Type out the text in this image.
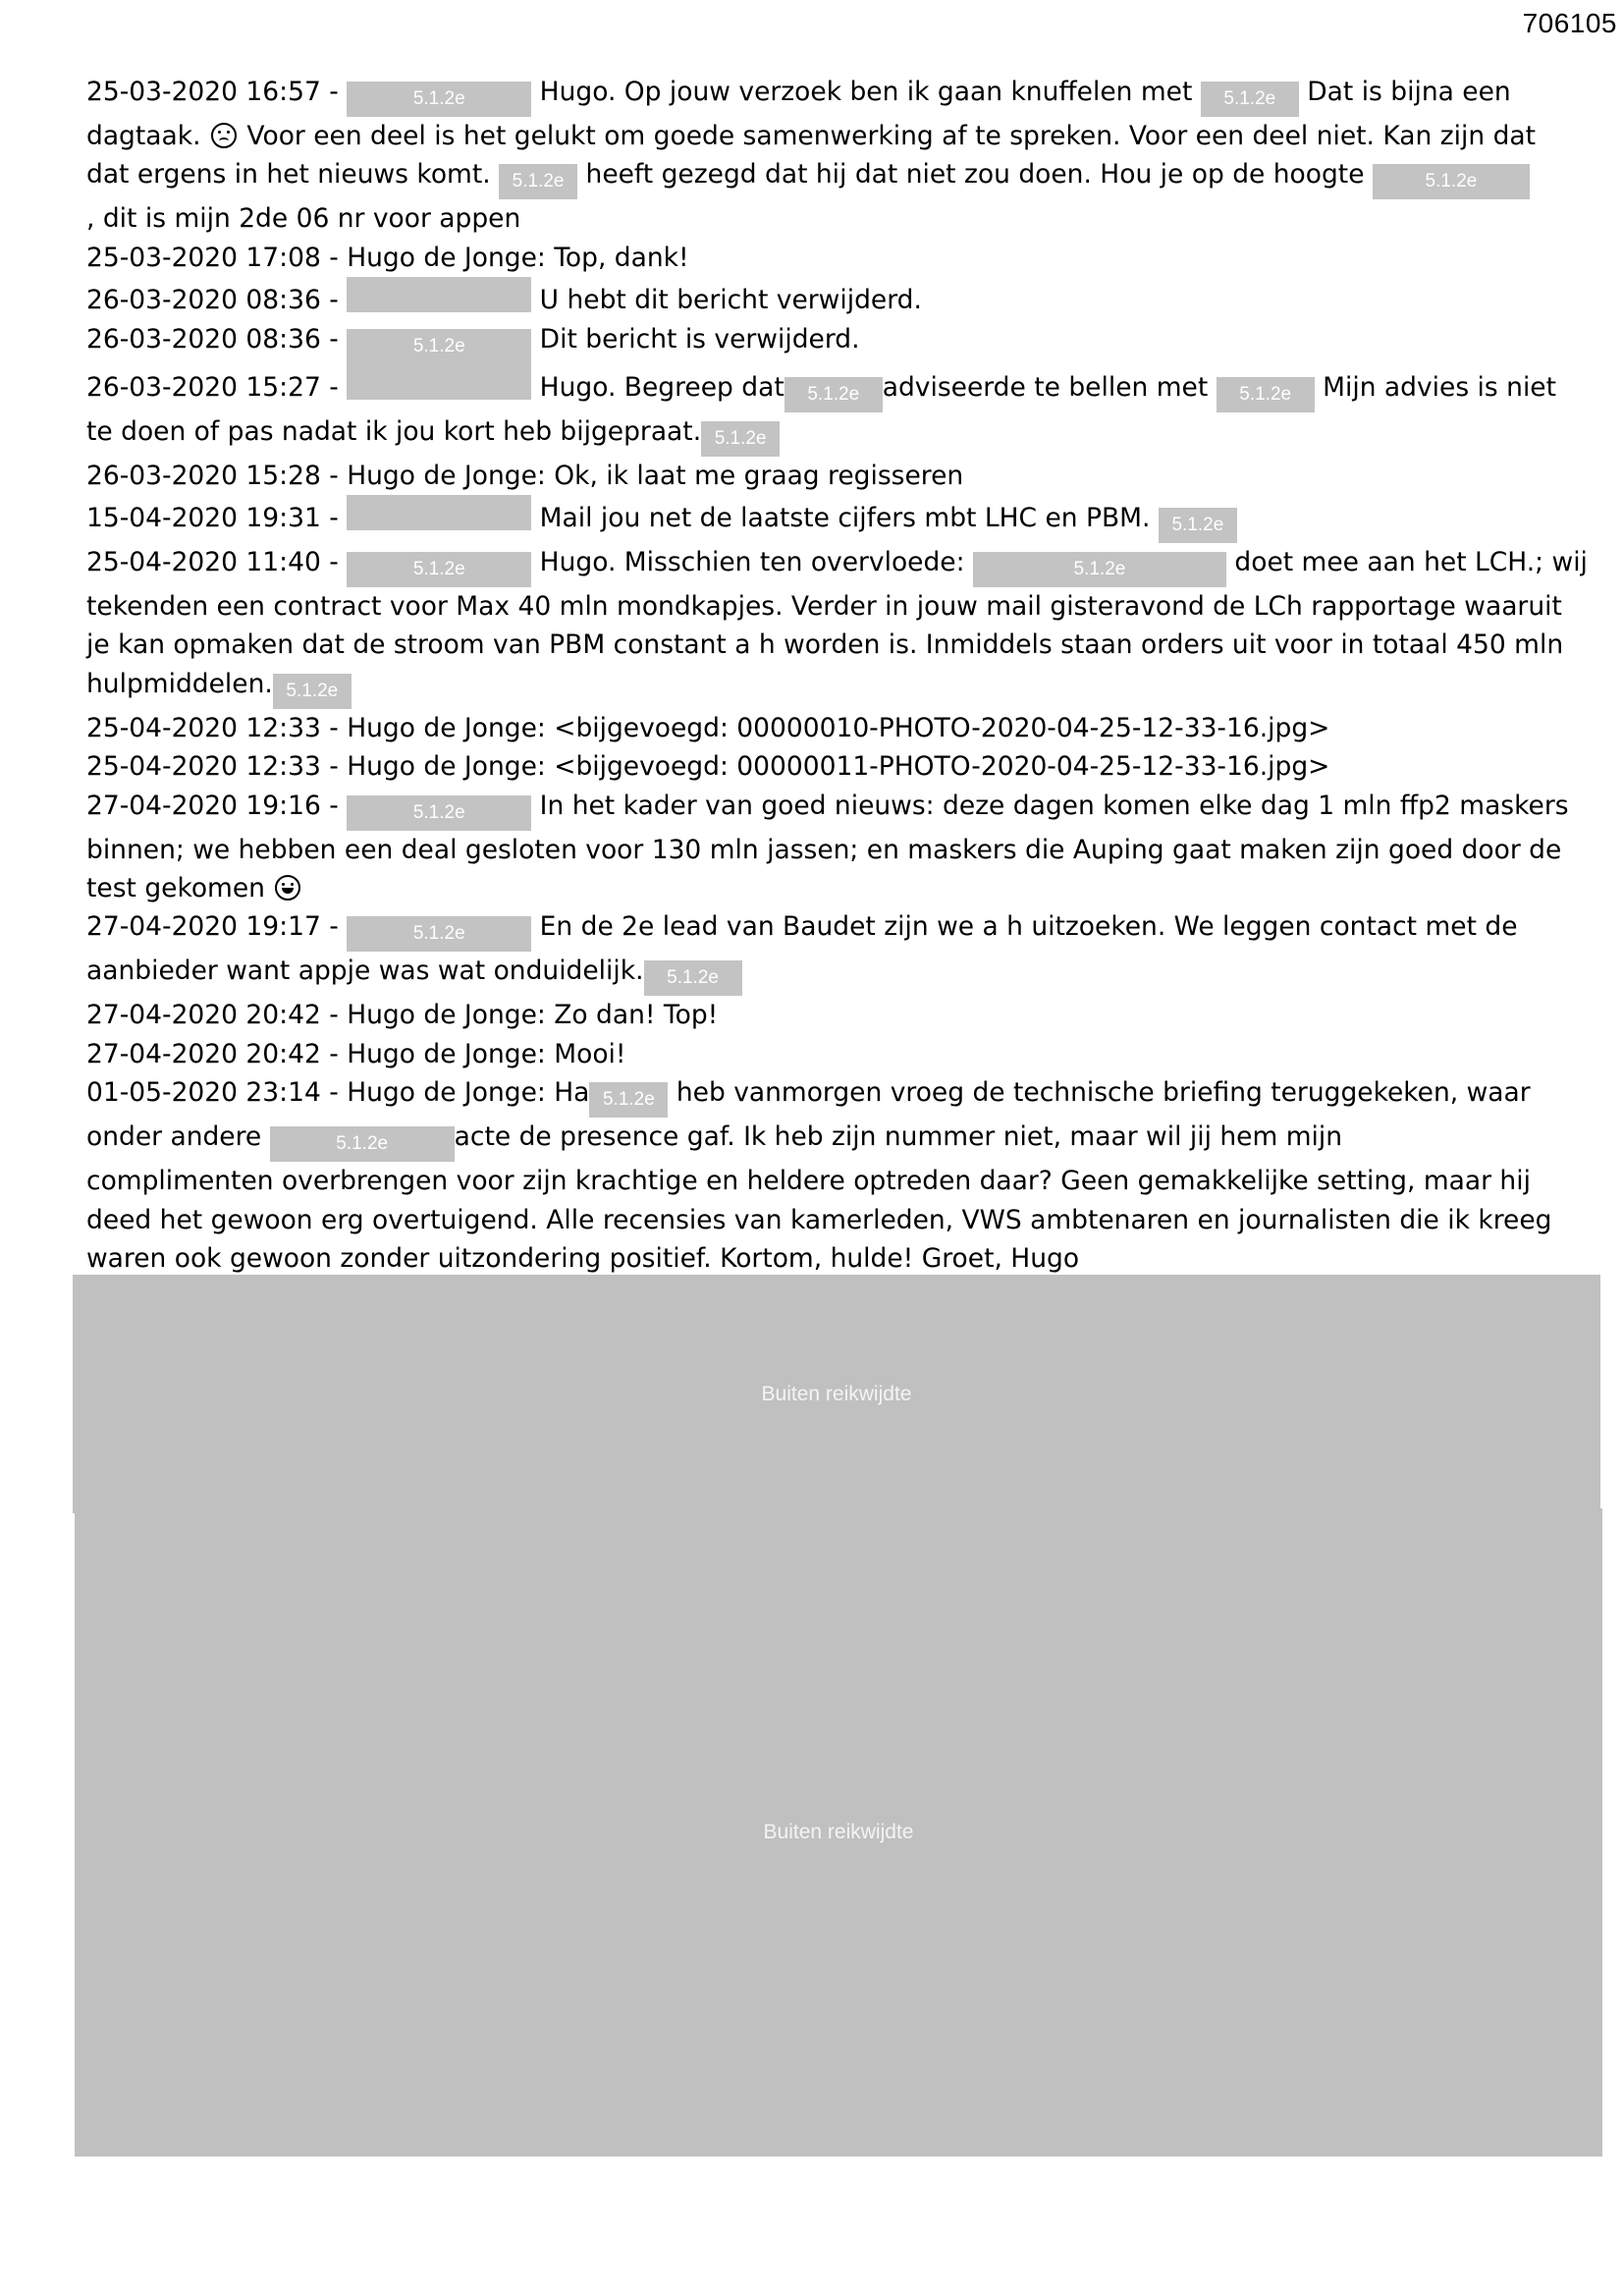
706105
25-03-2020 16:57 -	5.1.2e	Hugo. Op jouw verzoek ben ik gaan knuffelen met 5.1.2e Dat is bijna een
dagtaak. Voor een deel is het gelukt om goede samenwerking af te spreken. Voor een deel niet. Kan zijn dat
dat ergens in het nieuws komt. 5.1.2e heeft gezegd dat hij dat niet zou doen. Hou je op de hoogte	5.1.2e
, dit is mijn 2de 06 nr voor appen
25-03-2020 17:08 - Hugo de Jonge: Top, dank!
26-03-2020 08:36 -	U hebt dit bericht verwijderd.
26-03-2020 08:36 -	5.1.2e	Dit bericht is verwijderd.
26-03-2020 15:27 -	Hugo. Begreep dat 5.1.2e adviseerde te bellen met 5.1.2e Mijn advies is niet
te doen of pas nadat ik jou kort heb bijgepraat. 5.1.2e
26-03-2020 15:28 - Hugo de Jonge: Ok, ik laat me graag regisseren
15-04-2020 19:31 -	Mail jou net de laatste cijfers mbt LHC en PBM. 5.1.2e
25-04-2020 11:40 -	5.1.2e	Hugo. Misschien ten overvloede:	5.1.2e	doet mee aan het LCH.; wij
tekenden een contract voor Max 40 mln mondkapjes. Verder in jouw mail gisteravond de LCh rapportage waaruit
je kan opmaken dat de stroom van PBM constant a h worden is. Inmiddels staan orders uit voor in totaal 450 mln
hulpmiddelen. 5.1.2e
25-04-2020 12:33 - Hugo de Jonge: <bijgevoegd: 00000010-PHOTO-2020-04-25-12-33-16.jpg>
25-04-2020 12:33 - Hugo de Jonge: <bijgevoegd: 00000011-PHOTO-2020-04-25-12-33-16.jpg>
27-04-2020 19:16 -	5.1.2e	In het kader van goed nieuws: deze dagen komen elke dag 1 mln ffp2 maskers
binnen; we hebben een deal gesloten voor 130 mln jassen; en maskers die Auping gaat maken zijn goed door de
test gekomen
27-04-2020 19:17 -	5.1.2e	En de 2e lead van Baudet zijn we a h uitzoeken. We leggen contact met de
aanbieder want appje was wat onduidelijk. 5.1.2e
27-04-2020 20:42 - Hugo de Jonge: Zo dan! Top!
27-04-2020 20:42 - Hugo de Jonge: Mooi!
01-05-2020 23:14 - Hugo de Jonge: Ha 5.1.2e heb vanmorgen vroeg de technische briefing teruggekeken, waar
onder andere	5.1.2e	acte de presence gaf. Ik heb zijn nummer niet, maar wil jij hem mijn
complimenten overbrengen voor zijn krachtige en heldere optreden daar? Geen gemakkelijke setting, maar hij
deed het gewoon erg overtuigend. Alle recensies van kamerleden, VWS ambtenaren en journalisten die ik kreeg
waren ook gewoon zonder uitzondering positief. Kortom, hulde! Groet, Hugo

Buiten reikwijdte
Buiten reikwijdte
